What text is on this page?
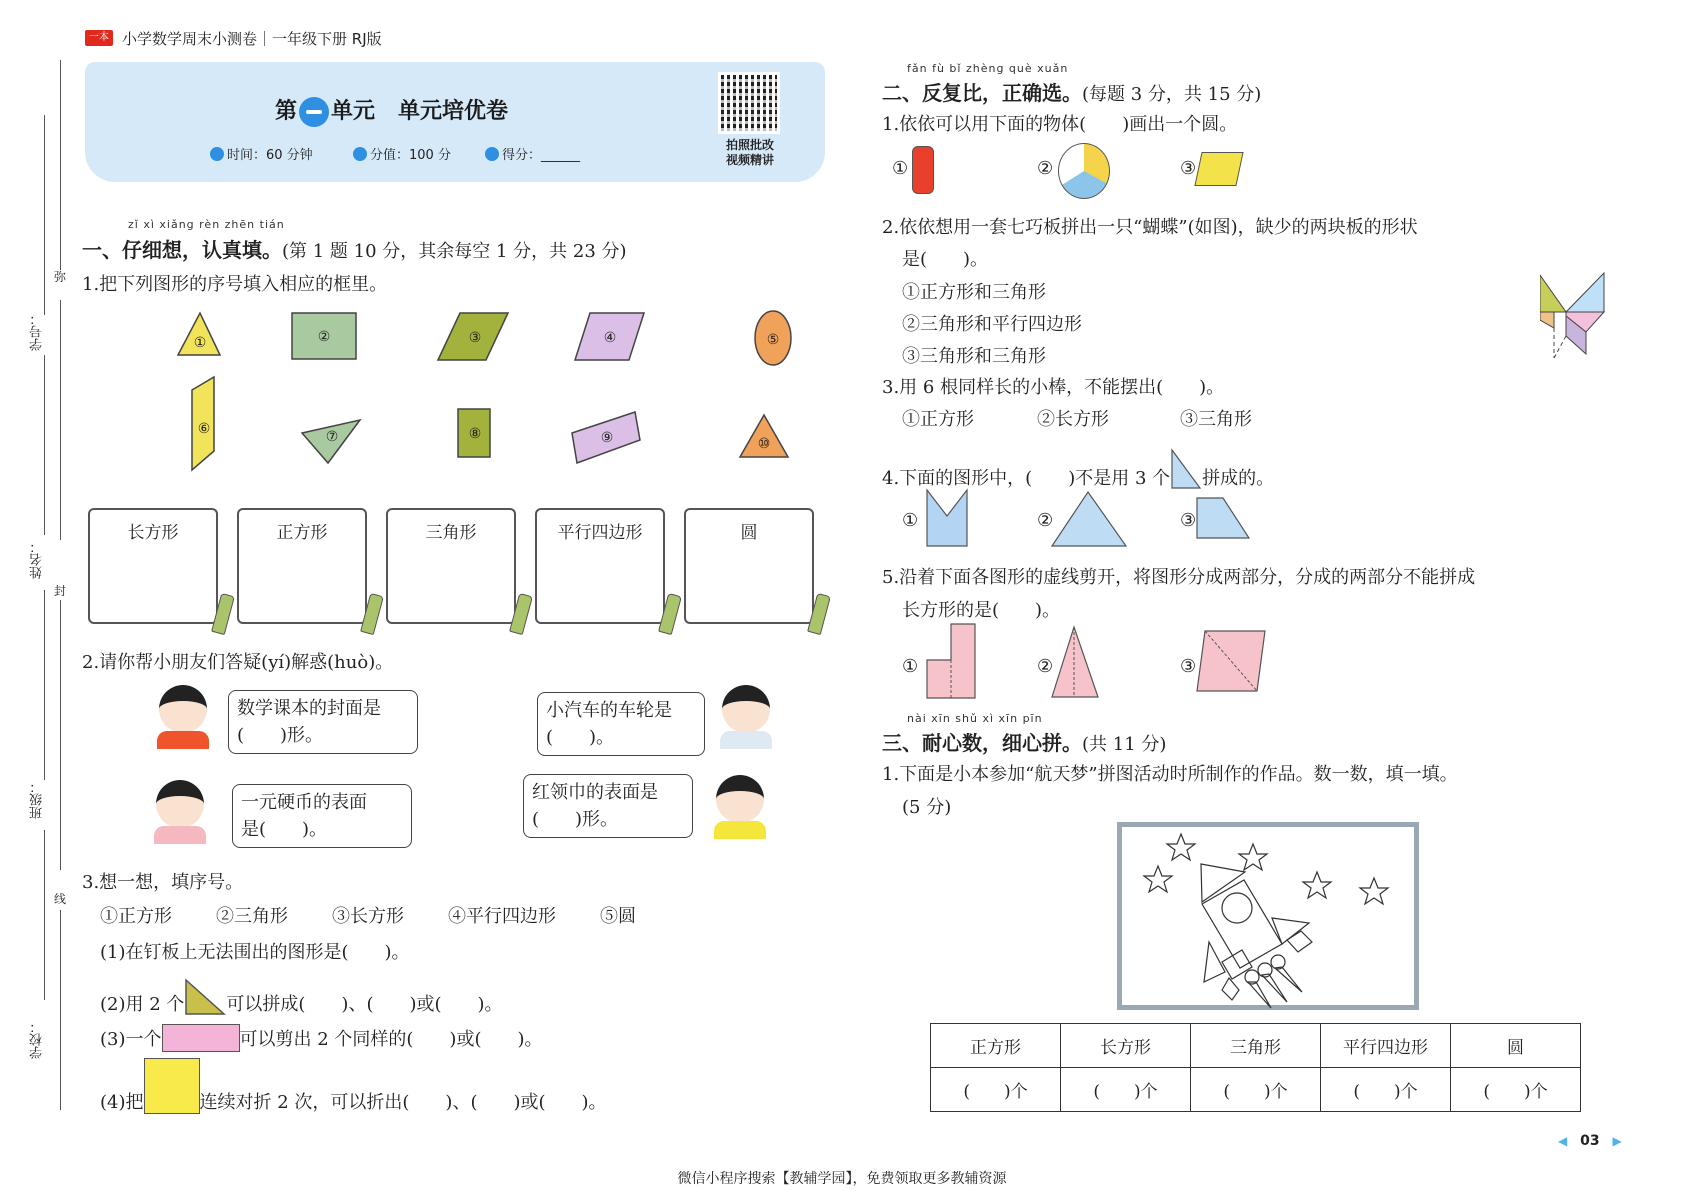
一本 小学数学周末小测卷｜一年级下册 RJ版
第 单元   单元培优卷
时间：60 分钟	分值：100 分	得分：______
拍照批改
视频精讲
弥
封
线
学号：
姓名：
班级：
学校：
zǐ xì xiǎng rèn zhēn tián
一、仔细想，认真填。(第 1 题 10 分，其余每空 1 分，共 23 分)
1.把下列图形的序号填入相应的框里。
①	②	③	④	⑤
⑥	⑦	⑧	⑨	⑩
长方形	正方形	三角形	平行四边形	圆
2.请你帮小朋友们答疑(yí)解惑(huò)。
数学课本的封面是
(　　)形。
小汽车的车轮是
(　　)。
一元硬币的表面
是(　　)。
红领巾的表面是
(　　)形。
3.想一想，填序号。
①正方形 ②三角形 ③长方形 ④平行四边形 ⑤圆
(1)在钉板上无法围出的图形是(　　)。
(2)用 2 个 可以拼成(　　)、(　　)或(　　)。
(3)一个	可以剪出 2 个同样的(　　)或(　　)。
(4)把	连续对折 2 次，可以折出(　　)、(　　)或(　　)。
fǎn fù bǐ zhèng què xuǎn
二、反复比，正确选。(每题 3 分，共 15 分)
1.依依可以用下面的物体(　　)画出一个圆。
①	②	③
2.依依想用一套七巧板拼出一只“蝴蝶”(如图)，缺少的两块板的形状
是(　　)。
①正方形和三角形
②三角形和平行四边形
③三角形和三角形
3.用 6 根同样长的小棒，不能摆出(　　)。
①正方形	②长方形	③三角形
4.下面的图形中，(　　)不是用 3 个 拼成的。
①	②	③
5.沿着下面各图形的虚线剪开，将图形分成两部分，分成的两部分不能拼成
长方形的是(　　)。
①	②	③
nài xīn shǔ xì xīn pīn
三、耐心数，细心拼。(共 11 分)
1.下面是小本参加“航天梦”拼图活动时所制作的作品。数一数，填一填。
(5 分)
正方形	长方形	三角形	平行四边形	圆
(　　)个	(　　)个	(　　)个	(　　)个	(　　)个
◀ 03 ▶
微信小程序搜索【教辅学园】，免费领取更多教辅资源
